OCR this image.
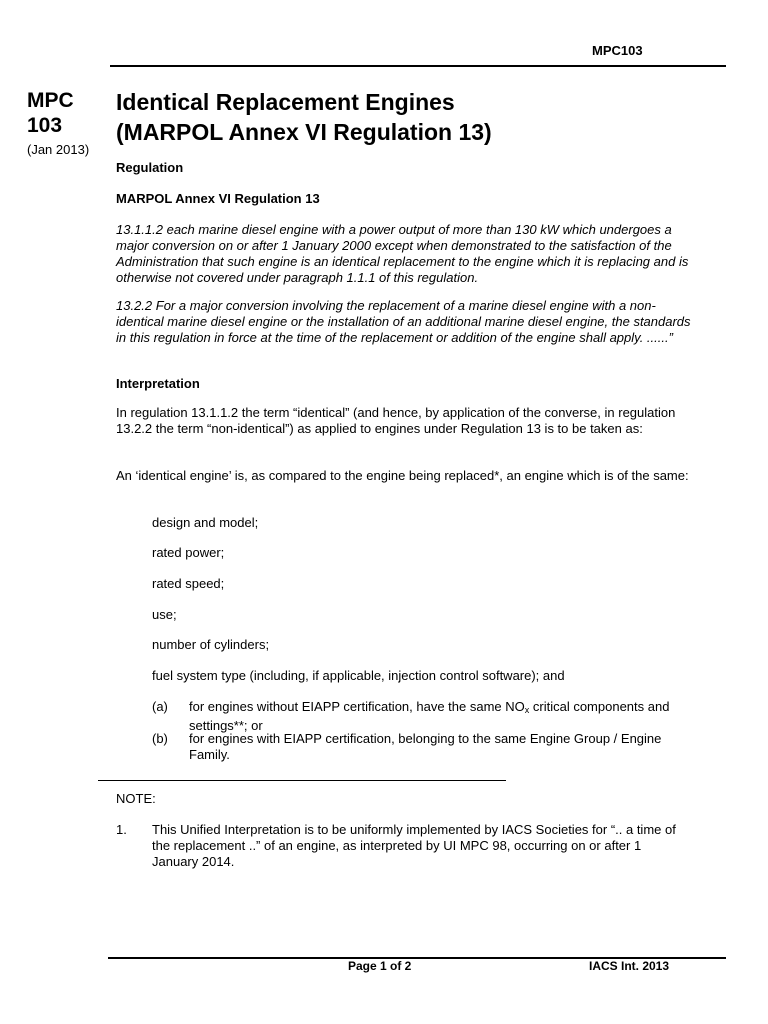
MPC103
MPC
103
(Jan 2013)
Identical Replacement Engines
(MARPOL Annex VI Regulation 13)
Regulation
MARPOL Annex VI Regulation 13
13.1.1.2 each marine diesel engine with a power output of more than 130 kW which undergoes a major conversion on or after 1 January 2000 except when demonstrated to the satisfaction of the Administration that such engine is an identical replacement to the engine which it is replacing and is otherwise not covered under paragraph 1.1.1 of this regulation.
13.2.2 For a major conversion involving the replacement of a marine diesel engine with a non-identical marine diesel engine or the installation of an additional marine diesel engine, the standards in this regulation in force at the time of the replacement or addition of the engine shall apply. ......”
Interpretation
In regulation 13.1.1.2 the term “identical” (and hence, by application of the converse, in regulation 13.2.2 the term “non-identical”) as applied to engines under Regulation 13 is to be taken as:
An ‘identical engine’ is, as compared to the engine being replaced*, an engine which is of the same:
design and model;
rated power;
rated speed;
use;
number of cylinders;
fuel system type (including, if applicable, injection control software); and
(a) for engines without EIAPP certification, have the same $NO_x$ critical components and settings**; or
(b) for engines with EIAPP certification, belonging to the same Engine Group / Engine Family.
NOTE:
1.	This Unified Interpretation is to be uniformly implemented by IACS Societies for “.. a time of the replacement ..” of an engine, as interpreted by UI MPC 98, occurring on or after 1 January 2014.
Page 1 of 2	IACS Int. 2013
